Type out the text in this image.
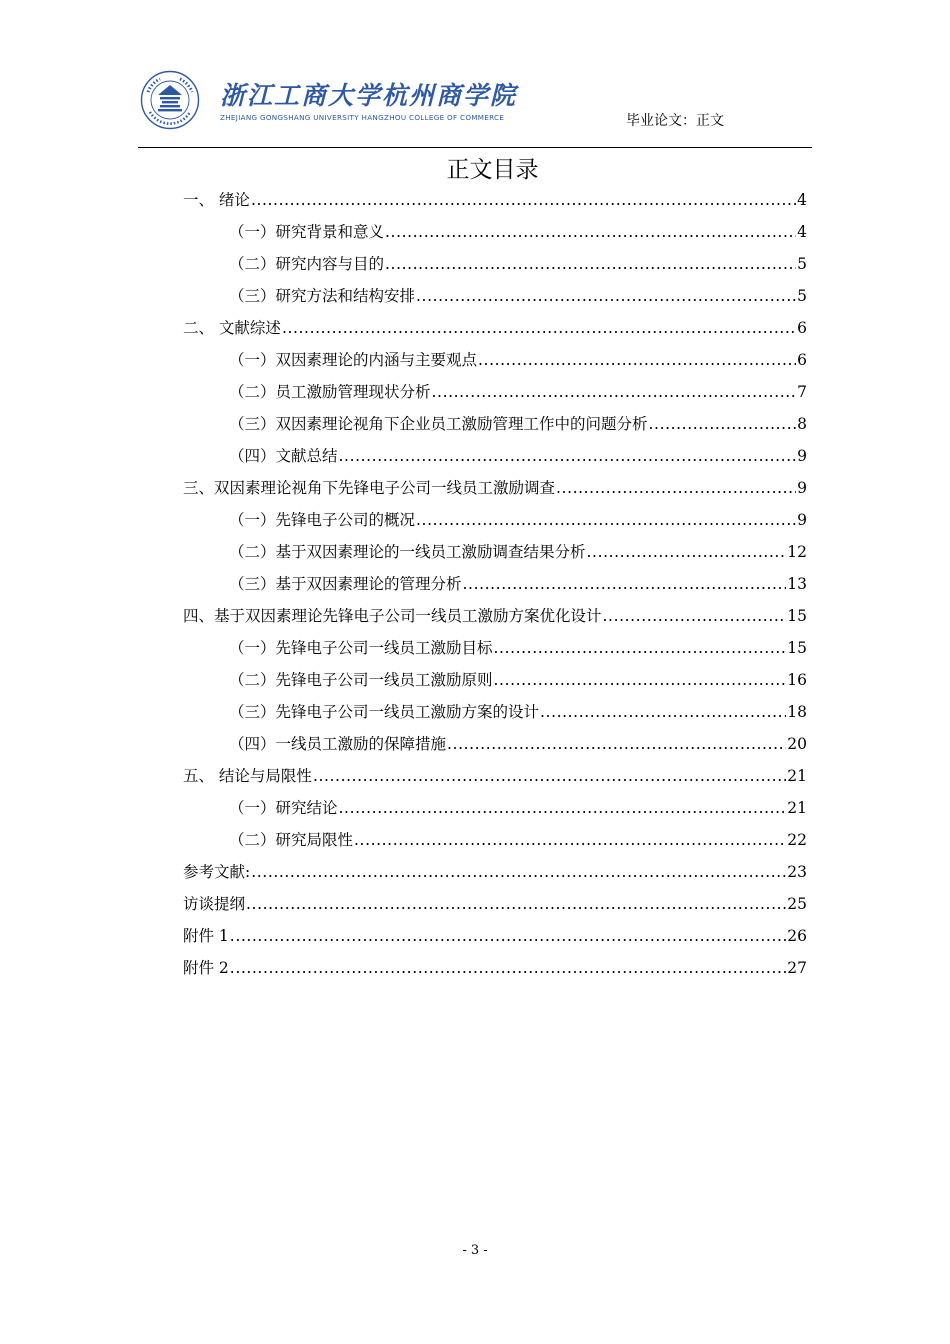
浙江工商大学杭州商学院
ZHEJIANG GONGSHANG UNIVERSITY HANGZHOU COLLEGE OF COMMERCE	毕业论文：正文
正文目录
一、 绪论 .....	4
（一）研究背景和意义 .....	4
（二）研究内容与目的 .....	5
（三）研究方法和结构安排 .....	5
二、 文献综述 .....	6
（一）双因素理论的内涵与主要观点 .....	6
（二）员工激励管理现状分析 .....	7
（三）双因素理论视角下企业员工激励管理工作中的问题分析 .....	8
（四）文献总结 .....	9
三、双因素理论视角下先锋电子公司一线员工激励调查 .....	9
（一）先锋电子公司的概况 .....	9
（二）基于双因素理论的一线员工激励调查结果分析 .....	12
（三）基于双因素理论的管理分析 .....	13
四、基于双因素理论先锋电子公司一线员工激励方案优化设计 .....	15
（一）先锋电子公司一线员工激励目标 .....	15
（二）先锋电子公司一线员工激励原则 .....	16
（三）先锋电子公司一线员工激励方案的设计 .....	18
（四）一线员工激励的保障措施 .....	20
五、 结论与局限性 .....	21
（一）研究结论 .....	21
（二）研究局限性 .....	22
参考文献: .....	23
访谈提纲 .....	25
附件 1 .....	26
附件 2 .....	27
- 3 -
